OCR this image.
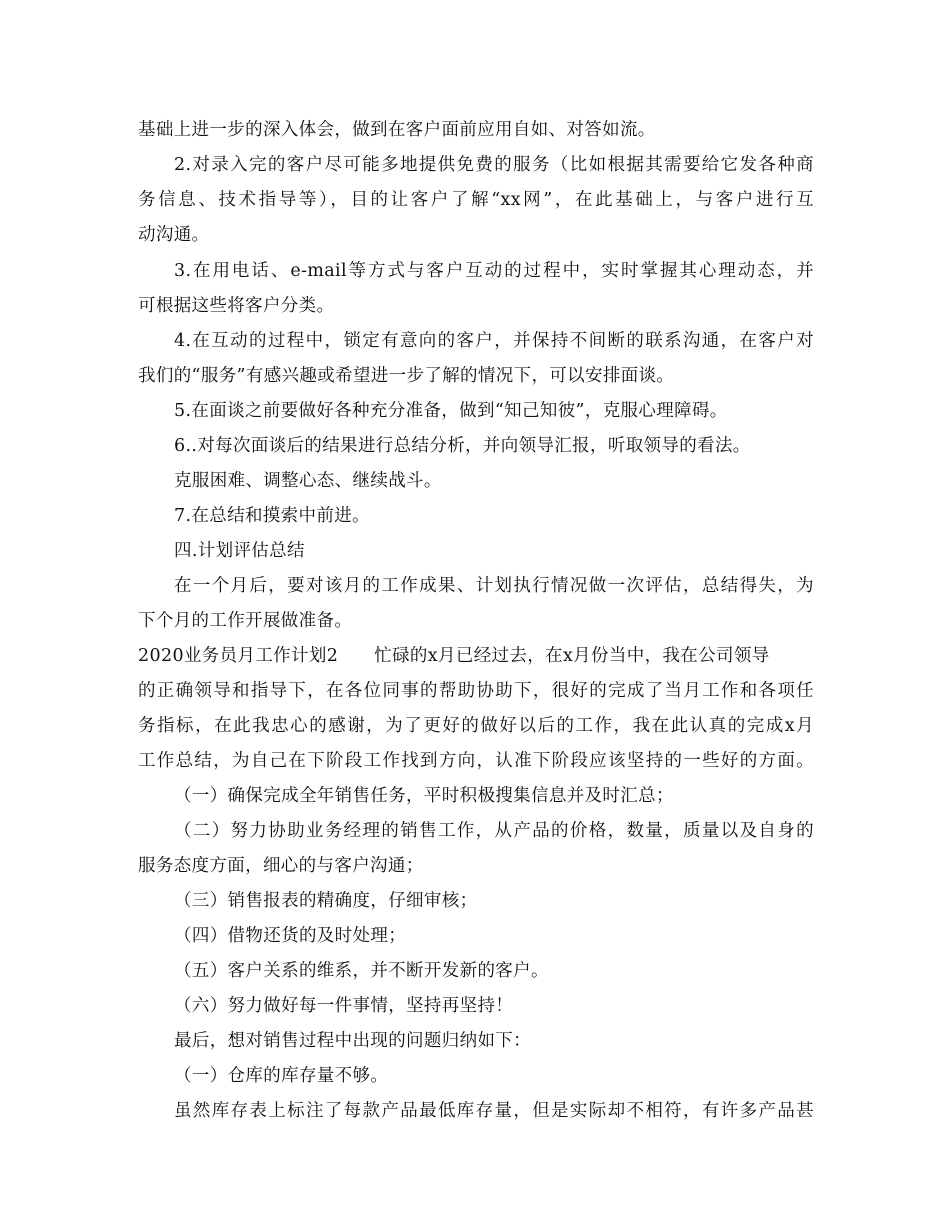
基础上进一步的深入体会，做到在客户面前应用自如、对答如流。
2.对录入完的客户尽可能多地提供免费的服务（比如根据其需要给它发各种商
务信息、技术指导等），目的让客户了解“xx网”，在此基础上，与客户进行互
动沟通。
3.在用电话、e-mail等方式与客户互动的过程中，实时掌握其心理动态，并
可根据这些将客户分类。
4.在互动的过程中，锁定有意向的客户，并保持不间断的联系沟通，在客户对
我们的“服务”有感兴趣或希望进一步了解的情况下，可以安排面谈。
5.在面谈之前要做好各种充分准备，做到“知己知彼”，克服心理障碍。
6..对每次面谈后的结果进行总结分析，并向领导汇报，听取领导的看法。
克服困难、调整心态、继续战斗。
7.在总结和摸索中前进。
四.计划评估总结
在一个月后，要对该月的工作成果、计划执行情况做一次评估，总结得失，为
下个月的工作开展做准备。
2020业务员月工作计划2 忙碌的x月已经过去，在x月份当中，我在公司领导
的正确领导和指导下，在各位同事的帮助协助下，很好的完成了当月工作和各项任
务指标，在此我忠心的感谢，为了更好的做好以后的工作，我在此认真的完成x月
工作总结，为自己在下阶段工作找到方向，认准下阶段应该坚持的一些好的方面。
（一）确保完成全年销售任务，平时积极搜集信息并及时汇总；
（二）努力协助业务经理的销售工作，从产品的价格，数量，质量以及自身的
服务态度方面，细心的与客户沟通；
（三）销售报表的精确度，仔细审核；
（四）借物还货的及时处理；
（五）客户关系的维系，并不断开发新的客户。
（六）努力做好每一件事情，坚持再坚持！
最后，想对销售过程中出现的问题归纳如下：
（一）仓库的库存量不够。
虽然库存表上标注了每款产品最低库存量，但是实际却不相符，有许多产品甚
